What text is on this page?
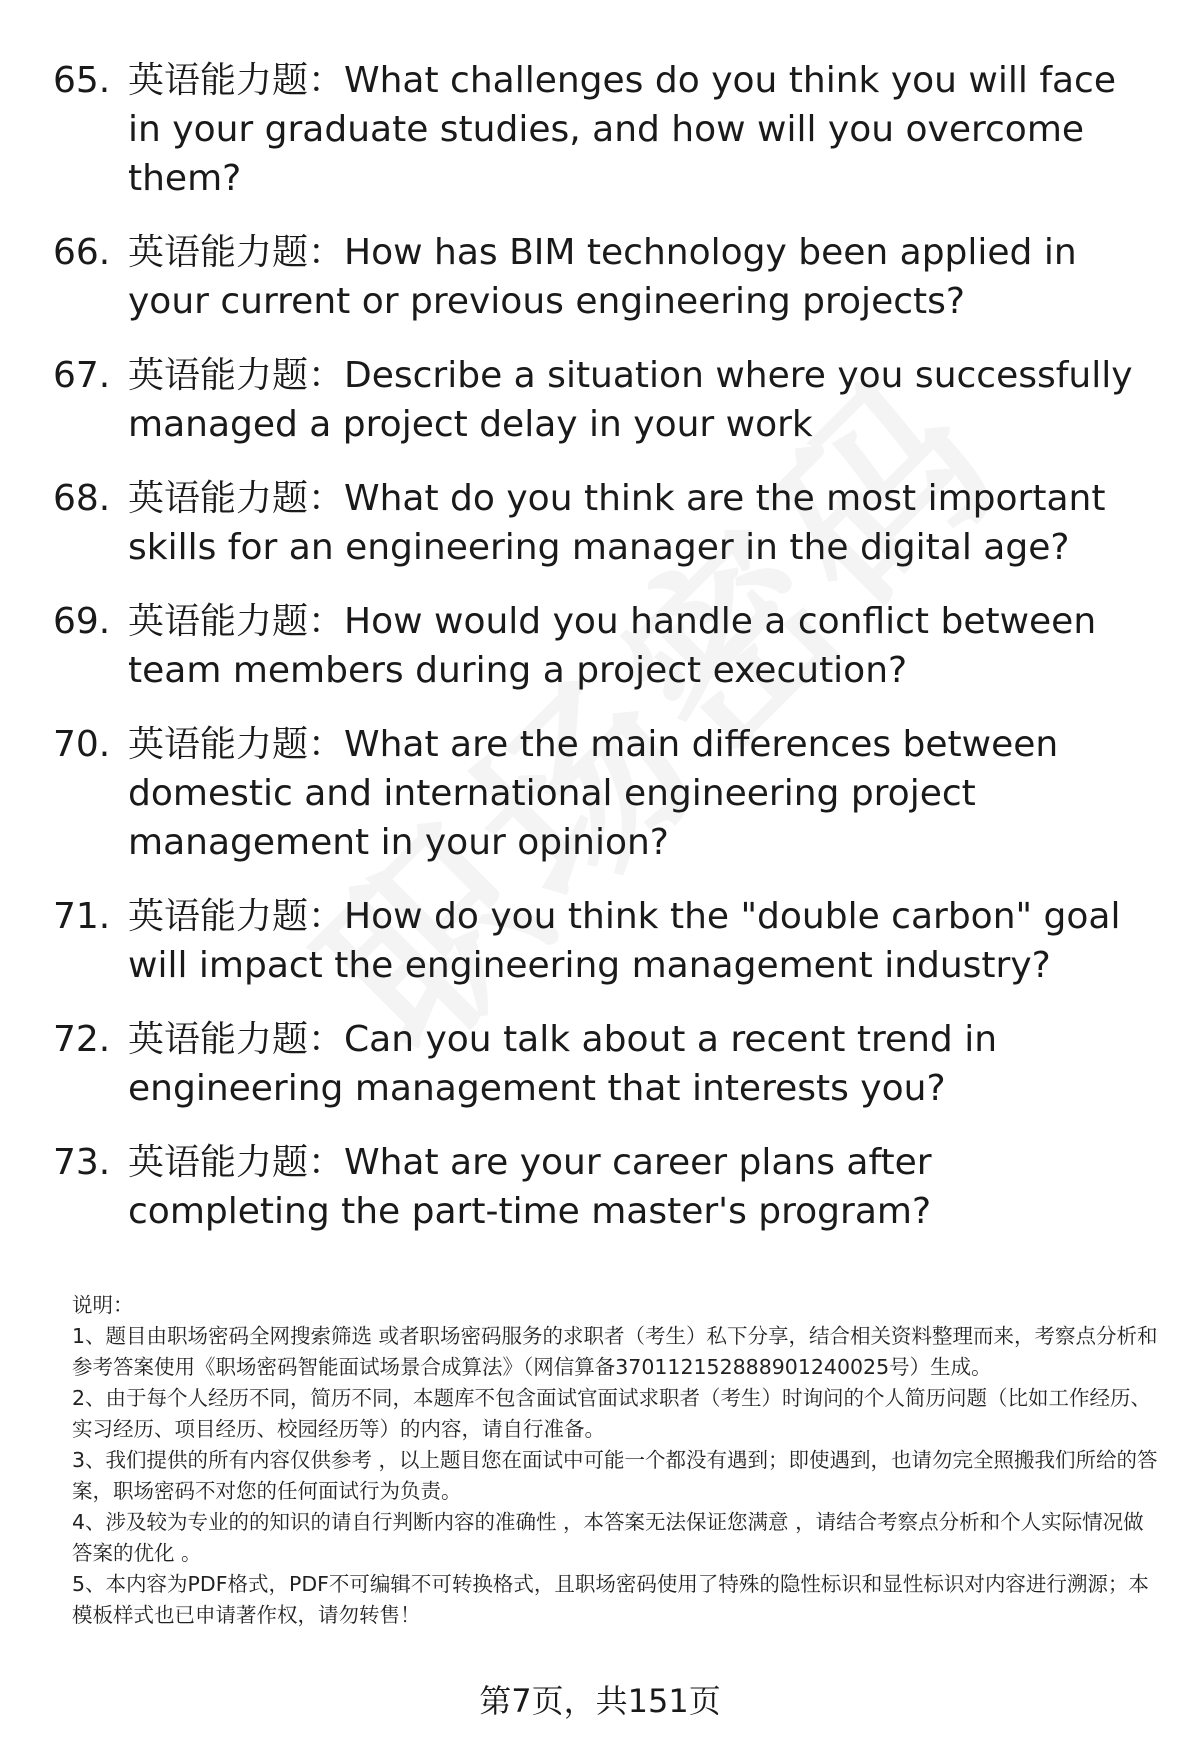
65. 英语能力题：What challenges do you think you will face in your graduate studies, and how will you overcome them?
66. 英语能力题：How has BIM technology been applied in your current or previous engineering projects?
67. 英语能力题：Describe a situation where you successfully managed a project delay in your work
68. 英语能力题：What do you think are the most important skills for an engineering manager in the digital age?
69. 英语能力题：How would you handle a conflict between team members during a project execution?
70. 英语能力题：What are the main differences between domestic and international engineering project management in your opinion?
71. 英语能力题：How do you think the "double carbon" goal will impact the engineering management industry?
72. 英语能力题：Can you talk about a recent trend in engineering management that interests you?
73. 英语能力题：What are your career plans after completing the part-time master's program?

说明：

1、题目由职场密码全网搜索筛选 或者职场密码服务的求职者（考生）私下分享，结合相关资料整理而来，考察点分析和参考答案使用《职场密码智能面试场景合成算法》（网信算备370112152888901240025号）生成。

2、由于每个人经历不同，简历不同，本题库不包含面试官面试求职者（考生）时询问的个人简历问题（比如工作经历、实习经历、项目经历、校园经历等）的内容，请自行准备。

3、我们提供的所有内容仅供参考 ，以上题目您在面试中可能一个都没有遇到；即使遇到，也请勿完全照搬我们所给的答案，职场密码不对您的任何面试行为负责。

4、涉及较为专业的的知识的请自行判断内容的准确性 ，本答案无法保证您满意 ，请结合考察点分析和个人实际情况做答案的优化 。

5、本内容为PDF格式，PDF不可编辑不可转换格式，且职场密码使用了特殊的隐性标识和显性标识对内容进行溯源；本模板样式也已申请著作权，请勿转售！

第7页，共151页
